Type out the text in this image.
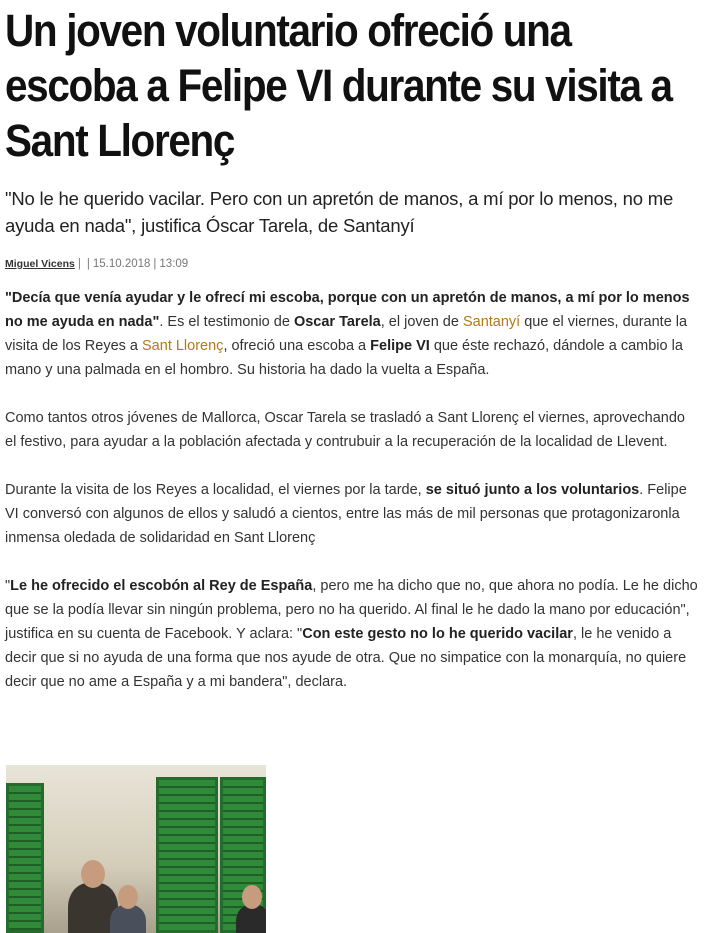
Un joven voluntario ofreció una escoba a Felipe VI durante su visita a Sant Llorenç
"No le he querido vacilar. Pero con un apretón de manos, a mí por lo menos, no me ayuda en nada", justifica Óscar Tarela, de Santanyí
Miguel Vicens | | 15.10.2018 | 13:09

"Decía que venía ayudar y le ofrecí mi escoba, porque con un apretón de manos, a mí por lo menos no me ayuda en nada". Es el testimonio de Oscar Tarela, el joven de Santanyí que el viernes, durante la visita de los Reyes a Sant Llorenç, ofreció una escoba a Felipe VI que éste rechazó, dándole a cambio la mano y una palmada en el hombro. Su historia ha dado la vuelta a España.

Como tantos otros jóvenes de Mallorca, Oscar Tarela se trasladó a Sant Llorenç el viernes, aprovechando el festivo, para ayudar a la población afectada y contrubuir a la recuperación de la localidad de Llevent.

Durante la visita de los Reyes a localidad, el viernes por la tarde, se situó junto a los voluntarios. Felipe VI conversó con algunos de ellos y saludó a cientos, entre las más de mil personas que protagonizaronla inmensa oledada de solidaridad en Sant Llorenç

"Le he ofrecido el escobón al Rey de España, pero me ha dicho que no, que ahora no podía. Le he dicho que se la podía llevar sin ningún problema, pero no ha querido. Al final le he dado la mano por educación", justifica en su cuenta de Facebook. Y aclara: "Con este gesto no lo he querido vacilar, le he venido a decir que si no ayuda de una forma que nos ayude de otra. Que no simpatice con la monarquía, no quiere decir que no ame a España y a mi bandera", declara.
